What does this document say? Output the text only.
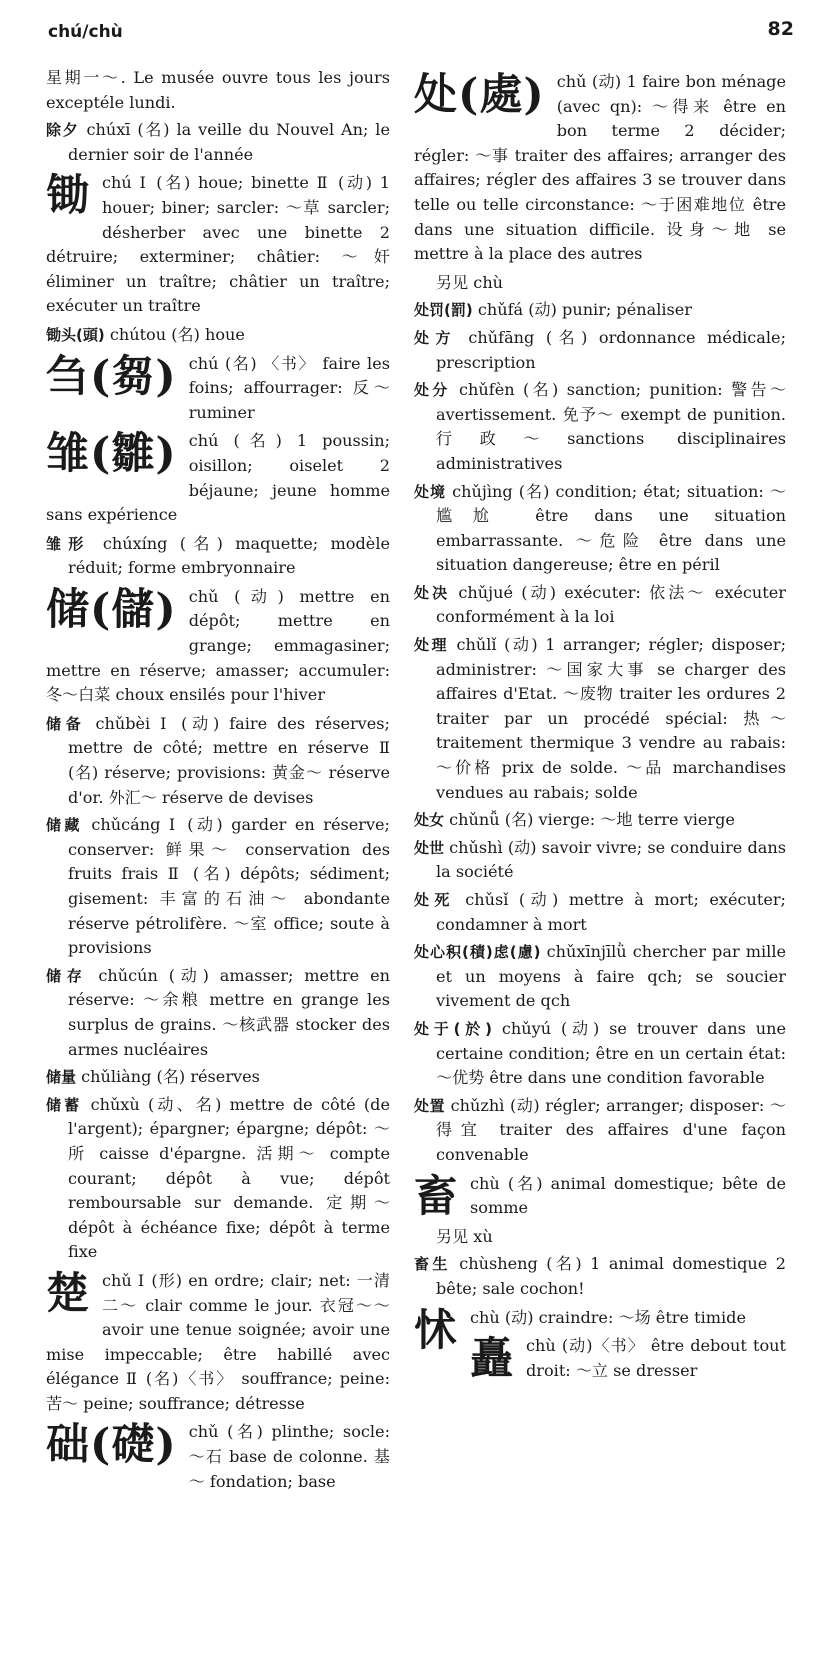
chú/chù	82
星期一～. Le musée ouvre tous les jours exceptéle lundi.
除夕 chúxī (名) la veille du Nouvel An; le dernier soir de l'année
锄chú Ⅰ (名) houe; binette Ⅱ (动) 1 houer; biner; sarcler: ～草 sarcler; désherber avec une binette 2 détruire; exterminer; châtier: ～奸 éliminer un traître; châtier un traître; exécuter un traître
锄头(頭) chútou (名) houe
刍(芻) chú (名) 〈书〉 faire les foins; affourrager: 反～ ruminer
雏(雛) chú (名) 1 poussin; oisillon; oiselet 2 béjaune; jeune homme sans expérience
雏形 chúxíng (名) maquette; modèle réduit; forme embryonnaire
储(儲) chǔ (动) mettre en dépôt; mettre en grange; emmagasiner; mettre en réserve; amasser; accumuler: 冬～白菜 choux ensilés pour l'hiver
储备 chǔbèi Ⅰ (动) faire des réserves; mettre de côté; mettre en réserve Ⅱ (名) réserve; provisions: 黄金～ réserve d'or. 外汇～ réserve de devises
储藏 chǔcáng Ⅰ (动) garder en réserve; conserver: 鲜果～ conservation des fruits frais Ⅱ (名) dépôts; sédiment; gisement: 丰富的石油～ abondante réserve pétrolifère. ～室 office; soute à provisions
储存 chǔcún (动) amasser; mettre en réserve: ～余粮 mettre en grange les surplus de grains. ～核武器 stocker des armes nucléaires
储量 chǔliàng (名) réserves
储蓄 chǔxù (动、名) mettre de côté (de l'argent); épargner; épargne; dépôt: ～所 caisse d'épargne. 活期～ compte courant; dépôt à vue; dépôt remboursable sur demande. 定期～ dépôt à échéance fixe; dépôt à terme fixe
楚chǔ Ⅰ (形) en ordre; clair; net: 一清二～ clair comme le jour. 衣冠～～ avoir une tenue soignée; avoir une mise impeccable; être habillé avec élégance Ⅱ (名)〈书〉 souffrance; peine: 苦～ peine; souffrance; détresse
础(礎) chǔ (名) plinthe; socle: ～石 base de colonne. 基～ fondation; base
处(處) chǔ (动) 1 faire bon ménage (avec qn): ～得来 être en bon terme 2 décider; régler: ～事 traiter des affaires; arranger des affaires; régler des affaires 3 se trouver dans telle ou telle circonstance: ～于困难地位 être dans une situation difficile. 设身～地 se mettre à la place des autres
另见 chù
处罚(罰) chǔfá (动) punir; pénaliser
处方 chǔfāng (名) ordonnance médicale; prescription
处分 chǔfèn (名) sanction; punition: 警告～ avertissement. 免予～ exempt de punition. 行政～sanctions disciplinaires administratives
处境 chǔjìng (名) condition; état; situation: ～尴尬 être dans une situation embarrassante. ～危险 être dans une situation dangereuse; être en péril
处决 chǔjué (动) exécuter: 依法～ exécuter conformément à la loi
处理 chǔlǐ (动) 1 arranger; régler; disposer; administrer: ～国家大事 se charger des affaires d'Etat. ～废物 traiter les ordures 2 traiter par un procédé spécial: 热～ traitement thermique 3 vendre au rabais: ～价格 prix de solde. ～品 marchandises vendues au rabais; solde
处女 chǔnǚ (名) vierge: ～地 terre vierge
处世 chǔshì (动) savoir vivre; se conduire dans la société
处死 chǔsǐ (动) mettre à mort; exécuter; condamner à mort
处心积(積)虑(慮) chǔxīnjīlǜ chercher par mille et un moyens à faire qch; se soucier vivement de qch
处于(於) chǔyú (动) se trouver dans une certaine condition; être en un certain état: ～优势 être dans une condition favorable
处置 chǔzhì (动) régler; arranger; disposer: ～得宜 traiter des affaires d'une façon convenable
畜chù (名) animal domestique; bête de somme
另见 xù
畜生 chùsheng (名) 1 animal domestique 2 bête; sale cochon!
怵chù (动) craindre: ～场 être timide
矗chù (动)〈书〉 être debout tout droit: ～立 se dresser
